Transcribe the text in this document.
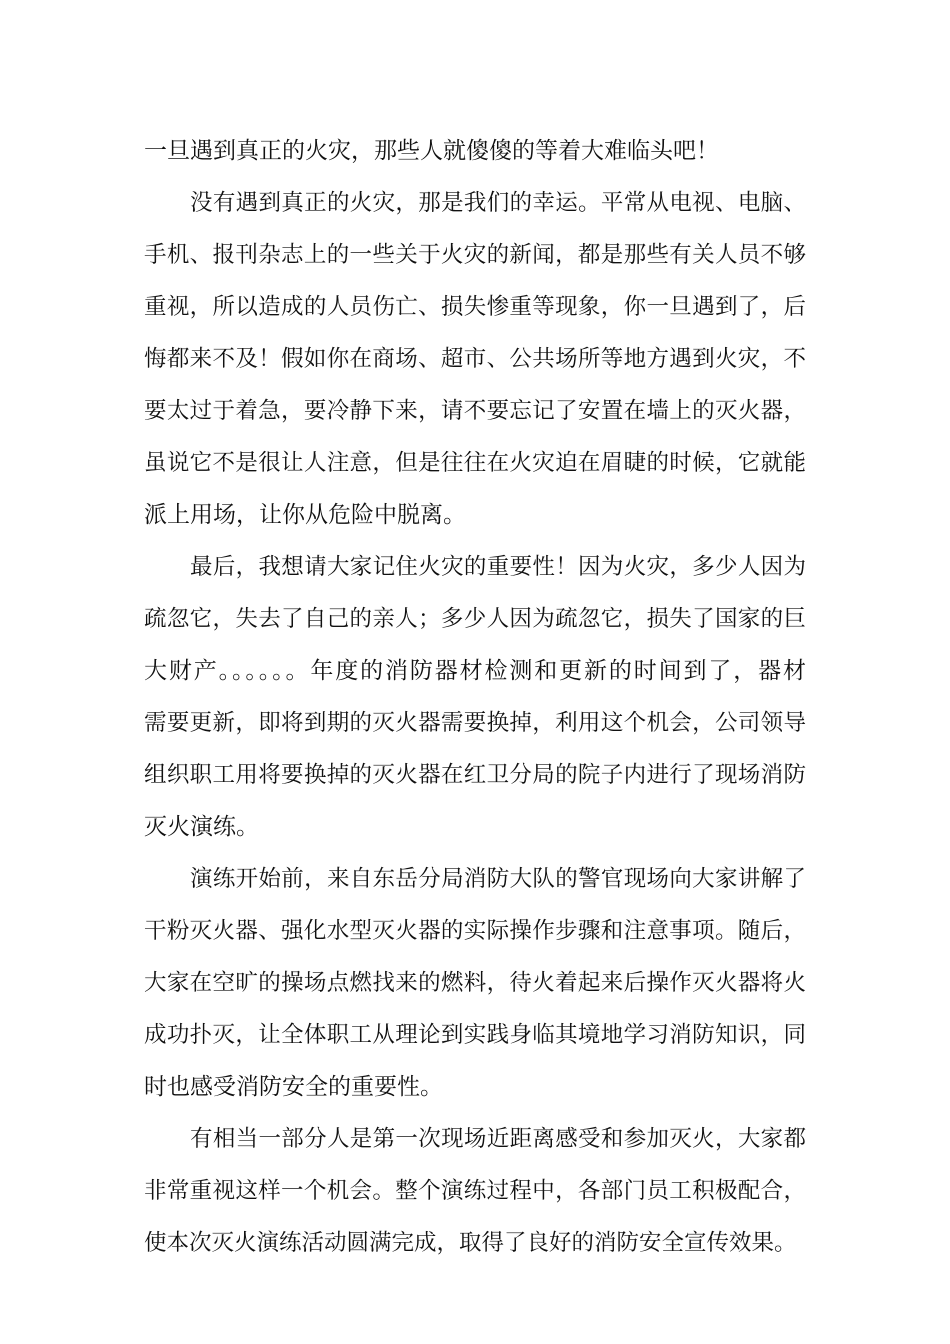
一旦遇到真正的火灾，那些人就傻傻的等着大难临头吧！
没有遇到真正的火灾，那是我们的幸运。平常从电视、电脑、
手机、报刊杂志上的一些关于火灾的新闻，都是那些有关人员不够
重视，所以造成的人员伤亡、损失惨重等现象，你一旦遇到了，后
悔都来不及！假如你在商场、超市、公共场所等地方遇到火灾，不
要太过于着急，要冷静下来，请不要忘记了安置在墙上的灭火器，
虽说它不是很让人注意，但是往往在火灾迫在眉睫的时候，它就能
派上用场，让你从危险中脱离。
最后，我想请大家记住火灾的重要性！因为火灾，多少人因为
疏忽它，失去了自己的亲人；多少人因为疏忽它，损失了国家的巨
大财产。。。。。。年度的消防器材检测和更新的时间到了，器材
需要更新，即将到期的灭火器需要换掉，利用这个机会，公司领导
组织职工用将要换掉的灭火器在红卫分局的院子内进行了现场消防
灭火演练。
演练开始前，来自东岳分局消防大队的警官现场向大家讲解了
干粉灭火器、强化水型灭火器的实际操作步骤和注意事项。随后，
大家在空旷的操场点燃找来的燃料，待火着起来后操作灭火器将火
成功扑灭，让全体职工从理论到实践身临其境地学习消防知识，同
时也感受消防安全的重要性。
有相当一部分人是第一次现场近距离感受和参加灭火，大家都
非常重视这样一个机会。整个演练过程中，各部门员工积极配合，
使本次灭火演练活动圆满完成，取得了良好的消防安全宣传效果。
